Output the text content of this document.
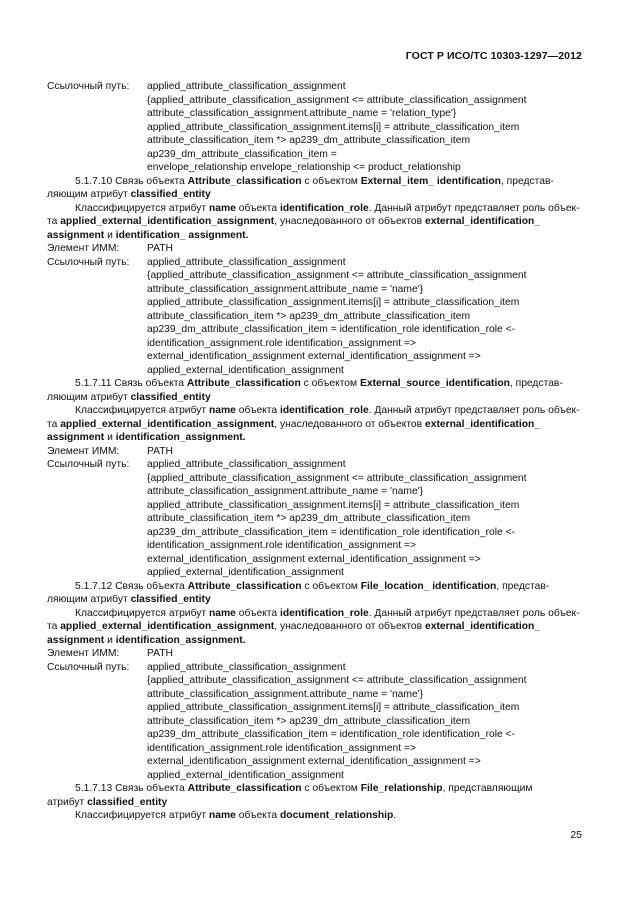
ГОСТ Р ИСО/ТС 10303-1297—2012
Ссылочный путь:	applied_attribute_classification_assignment
{applied_attribute_classification_assignment <= attribute_classification_assignment
attribute_classification_assignment.attribute_name = 'relation_type'}
applied_attribute_classification_assignment.items[i] = attribute_classification_item
attribute_classification_item *> ap239_dm_attribute_classification_item
ap239_dm_attribute_classification_item =
envelope_relationship envelope_relationship <= product_relationship
5.1.7.10 Связь объекта Attribute_classification с объектом External_item_ identification, представ-
ляющим атрибут classified_entity
Классифицируется атрибут name объекта identification_role. Данный атрибут представляет роль объек-
та applied_external_identification_assignment, унаследованного от объектов external_identification_
assignment и identification_ assignment.
Элемент ИММ:	PATH
Ссылочный путь:	applied_attribute_classification_assignment
{applied_attribute_classification_assignment <= attribute_classification_assignment
attribute_classification_assignment.attribute_name = 'name'}
applied_attribute_classification_assignment.items[i] = attribute_classification_item
attribute_classification_item *> ap239_dm_attribute_classification_item
ap239_dm_attribute_classification_item = identification_role identification_role <-
identification_assignment.role identification_assignment =>
external_identification_assignment external_identification_assignment =>
applied_external_identification_assignment
5.1.7.11 Связь объекта Attribute_classification с объектом External_source_identification, представ-
ляющим атрибут classified_entity
Классифицируется атрибут name объекта identification_role. Данный атрибут представляет роль объек-
та applied_external_identification_assignment, унаследованного от объектов external_identification_
assignment и identification_assignment.
Элемент ИММ:	PATH
Ссылочный путь:	applied_attribute_classification_assignment
{applied_attribute_classification_assignment <= attribute_classification_assignment
attribute_classification_assignment.attribute_name = 'name'}
applied_attribute_classification_assignment.items[i] = attribute_classification_item
attribute_classification_item *> ap239_dm_attribute_classification_item
ap239_dm_attribute_classification_item = identification_role identification_role <-
identification_assignment.role identification_assignment =>
external_identification_assignment external_identification_assignment =>
applied_external_identification_assignment
5.1.7.12 Связь объекта Attribute_classification с объектом File_location_ identification, представ-
ляющим атрибут classified_entity
Классифицируется атрибут name объекта identification_role. Данный атрибут представляет роль объек-
та applied_external_identification_assignment, унаследованного от объектов external_identification_
assignment и identification_assignment.
Элемент ИММ:	PATH
Ссылочный путь:	applied_attribute_classification_assignment
{applied_attribute_classification_assignment <= attribute_classification_assignment
attribute_classification_assignment.attribute_name = 'name'}
applied_attribute_classification_assignment.items[i] = attribute_classification_item
attribute_classification_item *> ap239_dm_attribute_classification_item
ap239_dm_attribute_classification_item = identification_role identification_role <-
identification_assignment.role identification_assignment =>
external_identification_assignment external_identification_assignment =>
applied_external_identification_assignment
5.1.7.13 Связь объекта Attribute_classification с объектом File_relationship, представляющим
атрибут classified_entity
Классифицируется атрибут name объекта document_relationship.
25
